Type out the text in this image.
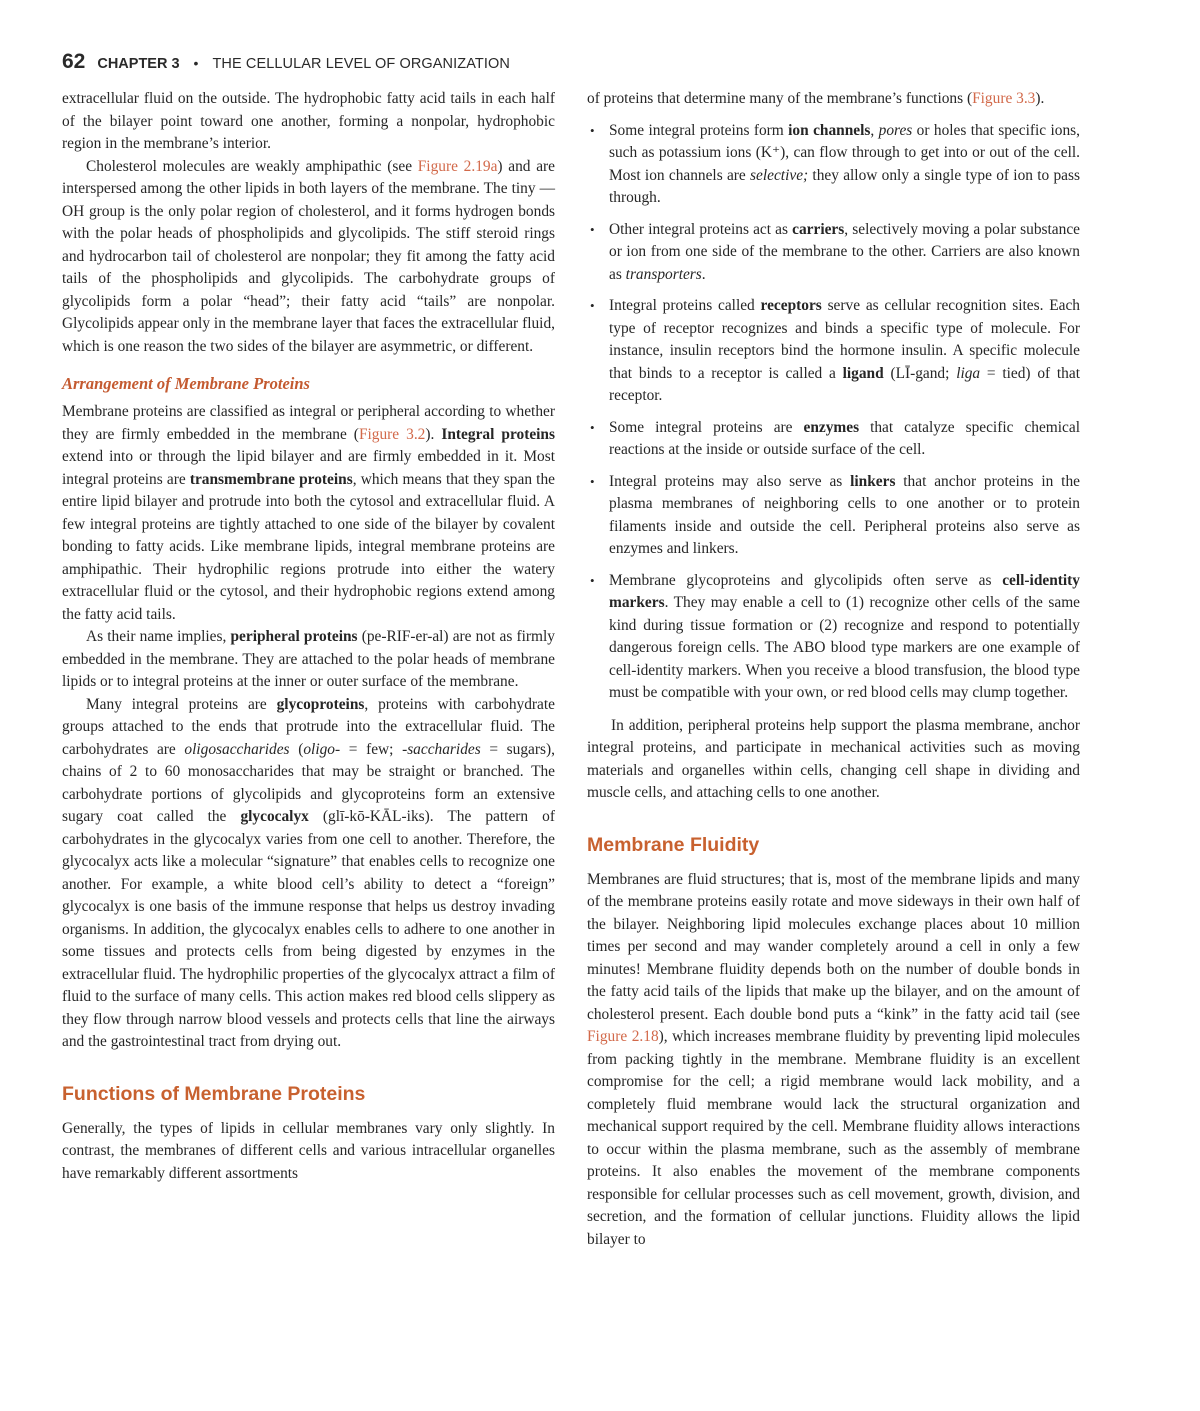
62 CHAPTER 3 • THE CELLULAR LEVEL OF ORGANIZATION

extracellular fluid on the outside. The hydrophobic fatty acid tails in each half of the bilayer point toward one another, forming a nonpolar, hydrophobic region in the membrane’s interior.

Cholesterol molecules are weakly amphipathic (see Figure 2.19a) and are interspersed among the other lipids in both layers of the membrane. The tiny —OH group is the only polar region of cholesterol, and it forms hydrogen bonds with the polar heads of phospholipids and glycolipids. The stiff steroid rings and hydrocarbon tail of cholesterol are nonpolar; they fit among the fatty acid tails of the phospholipids and glycolipids. The carbohydrate groups of glycolipids form a polar “head”; their fatty acid “tails” are nonpolar. Glycolipids appear only in the membrane layer that faces the extracellular fluid, which is one reason the two sides of the bilayer are asymmetric, or different.

Arrangement of Membrane Proteins

Membrane proteins are classified as integral or peripheral according to whether they are firmly embedded in the membrane (Figure 3.2). Integral proteins extend into or through the lipid bilayer and are firmly embedded in it. Most integral proteins are transmembrane proteins, which means that they span the entire lipid bilayer and protrude into both the cytosol and extracellular fluid. A few integral proteins are tightly attached to one side of the bilayer by covalent bonding to fatty acids. Like membrane lipids, integral membrane proteins are amphipathic. Their hydrophilic regions protrude into either the watery extracellular fluid or the cytosol, and their hydrophobic regions extend among the fatty acid tails.

As their name implies, peripheral proteins (pe-RIF-er-al) are not as firmly embedded in the membrane. They are attached to the polar heads of membrane lipids or to integral proteins at the inner or outer surface of the membrane.

Many integral proteins are glycoproteins, proteins with carbohydrate groups attached to the ends that protrude into the extracellular fluid. The carbohydrates are oligosaccharides (oligo- = few; -saccharides = sugars), chains of 2 to 60 monosaccharides that may be straight or branched. The carbohydrate portions of glycolipids and glycoproteins form an extensive sugary coat called the glycocalyx (glī-kō-KĀL-iks). The pattern of carbohydrates in the glycocalyx varies from one cell to another. Therefore, the glycocalyx acts like a molecular “signature” that enables cells to recognize one another. For example, a white blood cell’s ability to detect a “foreign” glycocalyx is one basis of the immune response that helps us destroy invading organisms. In addition, the glycocalyx enables cells to adhere to one another in some tissues and protects cells from being digested by enzymes in the extracellular fluid. The hydrophilic properties of the glycocalyx attract a film of fluid to the surface of many cells. This action makes red blood cells slippery as they flow through narrow blood vessels and protects cells that line the airways and the gastrointestinal tract from drying out.

Functions of Membrane Proteins

Generally, the types of lipids in cellular membranes vary only slightly. In contrast, the membranes of different cells and various intracellular organelles have remarkably different assortments

of proteins that determine many of the membrane’s functions (Figure 3.3).

• Some integral proteins form ion channels, pores or holes that specific ions, such as potassium ions (K⁺), can flow through to get into or out of the cell. Most ion channels are selective; they allow only a single type of ion to pass through.
• Other integral proteins act as carriers, selectively moving a polar substance or ion from one side of the membrane to the other. Carriers are also known as transporters.
• Integral proteins called receptors serve as cellular recognition sites. Each type of receptor recognizes and binds a specific type of molecule. For instance, insulin receptors bind the hormone insulin. A specific molecule that binds to a receptor is called a ligand (LĪ-gand; liga = tied) of that receptor.
• Some integral proteins are enzymes that catalyze specific chemical reactions at the inside or outside surface of the cell.
• Integral proteins may also serve as linkers that anchor proteins in the plasma membranes of neighboring cells to one another or to protein filaments inside and outside the cell. Peripheral proteins also serve as enzymes and linkers.
• Membrane glycoproteins and glycolipids often serve as cell-identity markers. They may enable a cell to (1) recognize other cells of the same kind during tissue formation or (2) recognize and respond to potentially dangerous foreign cells. The ABO blood type markers are one example of cell-identity markers. When you receive a blood transfusion, the blood type must be compatible with your own, or red blood cells may clump together.

In addition, peripheral proteins help support the plasma membrane, anchor integral proteins, and participate in mechanical activities such as moving materials and organelles within cells, changing cell shape in dividing and muscle cells, and attaching cells to one another.

Membrane Fluidity

Membranes are fluid structures; that is, most of the membrane lipids and many of the membrane proteins easily rotate and move sideways in their own half of the bilayer. Neighboring lipid molecules exchange places about 10 million times per second and may wander completely around a cell in only a few minutes! Membrane fluidity depends both on the number of double bonds in the fatty acid tails of the lipids that make up the bilayer, and on the amount of cholesterol present. Each double bond puts a “kink” in the fatty acid tail (see Figure 2.18), which increases membrane fluidity by preventing lipid molecules from packing tightly in the membrane. Membrane fluidity is an excellent compromise for the cell; a rigid membrane would lack mobility, and a completely fluid membrane would lack the structural organization and mechanical support required by the cell. Membrane fluidity allows interactions to occur within the plasma membrane, such as the assembly of membrane proteins. It also enables the movement of the membrane components responsible for cellular processes such as cell movement, growth, division, and secretion, and the formation of cellular junctions. Fluidity allows the lipid bilayer to
